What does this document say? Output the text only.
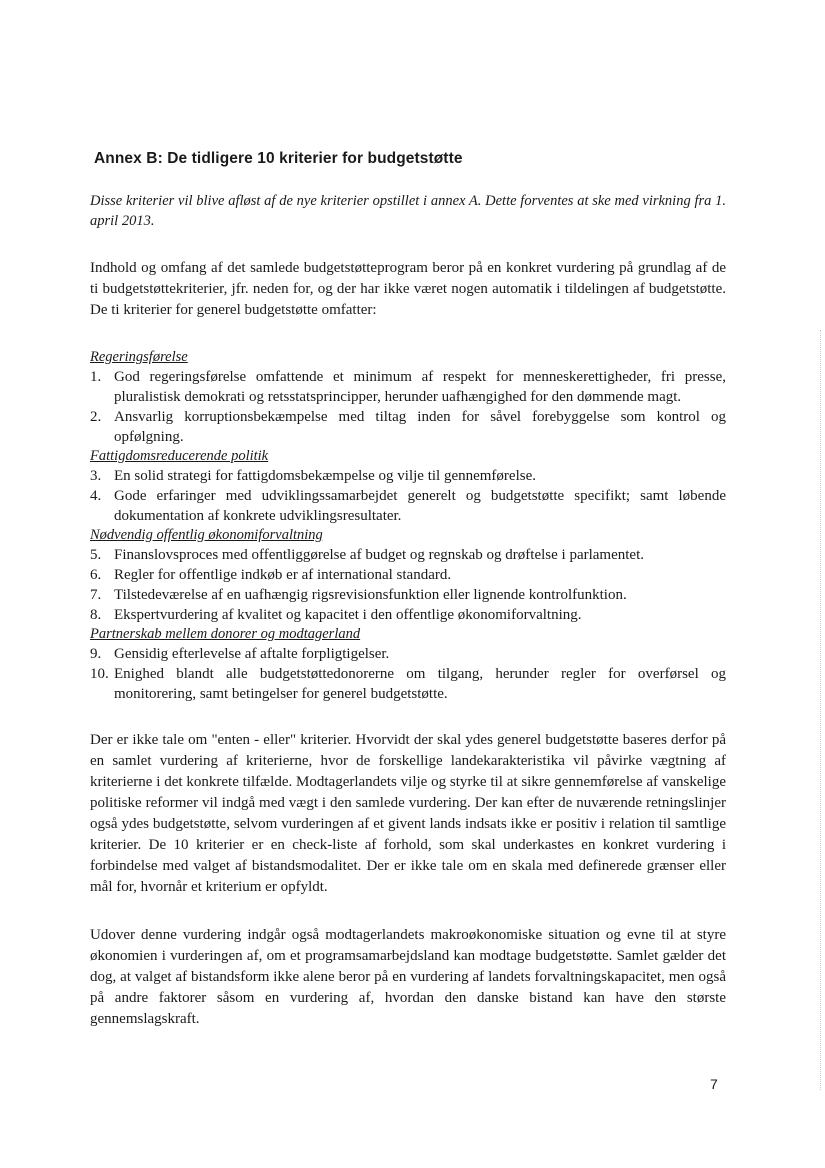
Annex B: De tidligere 10 kriterier for budgetstøtte

Disse kriterier vil blive afløst af de nye kriterier opstillet i annex A. Dette forventes at ske med virkning fra 1. april 2013.

Indhold og omfang af det samlede budgetstøtteprogram beror på en konkret vurdering på grundlag af de ti budgetstøttekriterier, jfr. neden for, og der har ikke været nogen automatik i tildelingen af budgetstøtte. De ti kriterier for generel budgetstøtte omfatter:

Regeringsførelse
1. God regeringsførelse omfattende et minimum af respekt for menneskerettigheder, fri presse, pluralistisk demokrati og retsstatsprincipper, herunder uafhængighed for den dømmende magt.
2. Ansvarlig korruptionsbekæmpelse med tiltag inden for såvel forebyggelse som kontrol og opfølgning.
Fattigdomsreducerende politik
3. En solid strategi for fattigdomsbekæmpelse og vilje til gennemførelse.
4. Gode erfaringer med udviklingssamarbejdet generelt og budgetstøtte specifikt; samt løbende dokumentation af konkrete udviklingsresultater.
Nødvendig offentlig økonomiforvaltning
5. Finanslovsproces med offentliggørelse af budget og regnskab og drøftelse i parlamentet.
6. Regler for offentlige indkøb er af international standard.
7. Tilstedeværelse af en uafhængig rigsrevisionsfunktion eller lignende kontrolfunktion.
8. Ekspertvurdering af kvalitet og kapacitet i den offentlige økonomiforvaltning.
Partnerskab mellem donorer og modtagerland
9. Gensidig efterlevelse af aftalte forpligtigelser.
10. Enighed blandt alle budgetstøttedonorerne om tilgang, herunder regler for overførsel og monitorering, samt betingelser for generel budgetstøtte.

Der er ikke tale om "enten - eller" kriterier. Hvorvidt der skal ydes generel budgetstøtte baseres derfor på en samlet vurdering af kriterierne, hvor de forskellige landekarakteristika vil påvirke vægtning af kriterierne i det konkrete tilfælde. Modtagerlandets vilje og styrke til at sikre gennemførelse af vanskelige politiske reformer vil indgå med vægt i den samlede vurdering. Der kan efter de nuværende retningslinjer også ydes budgetstøtte, selvom vurderingen af et givent lands indsats ikke er positiv i relation til samtlige kriterier. De 10 kriterier er en check-liste af forhold, som skal underkastes en konkret vurdering i forbindelse med valget af bistandsmodalitet. Der er ikke tale om en skala med definerede grænser eller mål for, hvornår et kriterium er opfyldt.

Udover denne vurdering indgår også modtagerlandets makroøkonomiske situation og evne til at styre økonomien i vurderingen af, om et programsamarbejdsland kan modtage budgetstøtte. Samlet gælder det dog, at valget af bistandsform ikke alene beror på en vurdering af landets forvaltningskapacitet, men også på andre faktorer såsom en vurdering af, hvordan den danske bistand kan have den største gennemslagskraft.

7
